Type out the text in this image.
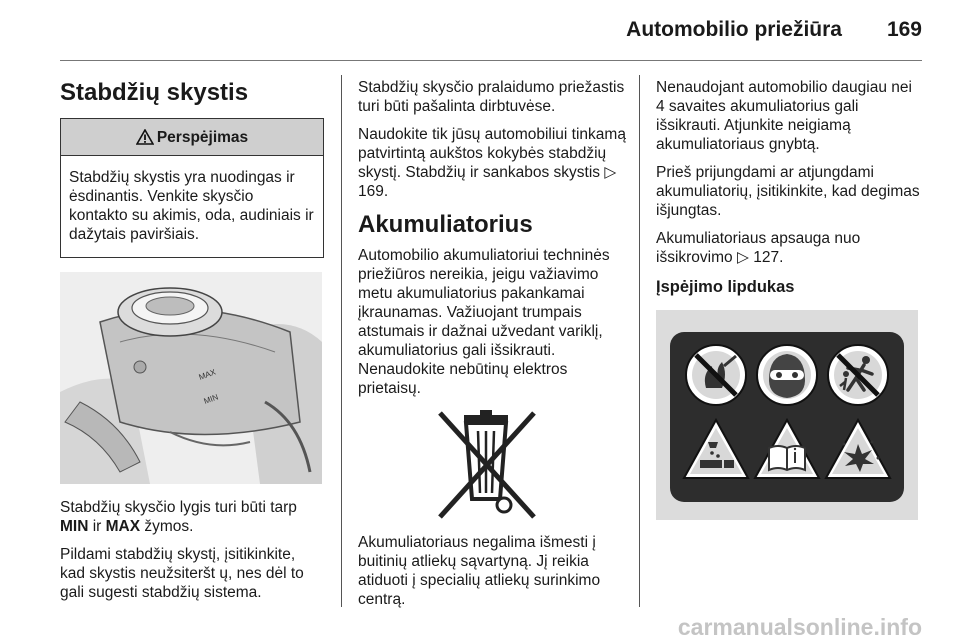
Automobilio priežiūra 169
Stabdžių skystis
Perspėjimas
Stabdžių skystis yra nuodingas ir ėsdinantis. Venkite skysčio kontakto su akimis, oda, audiniais ir dažytais paviršiais.
MAX
MIN

Stabdžių skysčio lygis turi būti tarp
MIN ir MAX žymos.

Pildami stabdžių skystį, įsitikinkite, kad skystis neužsiteršt ų, nes dėl to gali sugesti stabdžių sistema.

Stabdžių skysčio pralaidumo priežastis turi būti pašalinta dirbtuvėse.

Naudokite tik jūsų automobiliui tinkamą patvirtintą aukštos kokybės stabdžių skystį. Stabdžių ir sankabos skystis ▷ 169.

Akumuliatorius

Automobilio akumuliatoriui techninės priežiūros nereikia, jeigu važiavimo metu akumuliatorius pakankamai įkraunamas. Važiuojant trumpais atstumais ir dažnai užvedant variklį, akumuliatorius gali išsikrauti. Nenaudokite nebūtinų elektros prietaisų.

Akumuliatoriaus negalima išmesti į buitinių atliekų sąvartyną. Jį reikia atiduoti į specialių atliekų surinkimo centrą.

Nenaudojant automobilio daugiau nei 4 savaites akumuliatorius gali išsikrauti. Atjunkite neigiamą akumuliatoriaus gnybtą.

Prieš prijungdami ar atjungdami akumuliatorių, įsitikinkite, kad degimas išjungtas.

Akumuliatoriaus apsauga nuo išsikrovimo ▷ 127.

Įspėjimo lipdukas
carmanualsonline.info
